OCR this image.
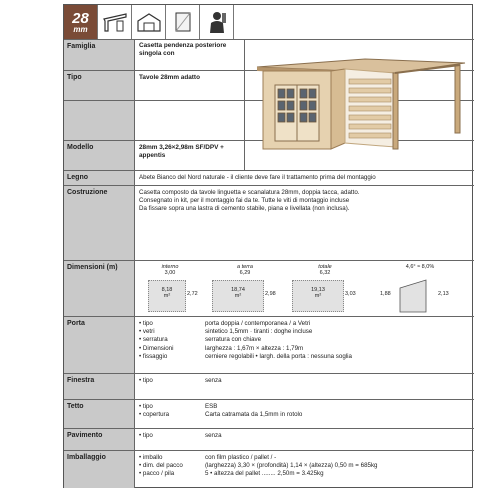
28
mm
Famiglia	Casetta pendenza posteriore singola con
Tipo	Tavole 28mm adatto
Modello	28mm 3,26×2,98m SF/DPV + appentis
Legno	Abete Bianco del Nord naturale - il cliente deve fare il trattamento prima del montaggio
Costruzione	Casetta composto da tavole linguetta e scanalatura 28mm, doppia tacca, adatto.
Consegnato in kit, per il montaggio fai da te. Tutte le viti di montaggio incluse
Da fissare sopra una lastra di cemento stabile, piana e livellata (non inclusa).
Dimensioni (m)	interno
3,00
8,18
m²	2,72
a terra
6,29
18,74
m²	2,98
totale
6,32
19,13
m²	3,03
4,6° ≈ 8,0%
1,88	2,13
Porta	• tipo	porta doppia / contemporanea / a Vetri
• vetri	sintetico 1,5mm · tiranti : doghe incluse
• serratura	serratura con chiave
• Dimensioni	larghezza : 1,67m × altezza : 1,79m
• fissaggio	cerniere regolabili • largh. della porta : nessuna soglia
Finestra	• tipo	senza
Tetto	• tipo	ESB
• copertura	Carta catramata da 1,5mm in rotolo
Pavimento	• tipo	senza
Imballaggio	• imballo	con film plastico / pallet / -
• dim. del pacco	(larghezza) 3,30 × (profondità) 1,14 × (altezza) 0,50 m = 685kg
• pacco / pila	5 • altezza del pallet ........ 2,50m = 3.425kg
